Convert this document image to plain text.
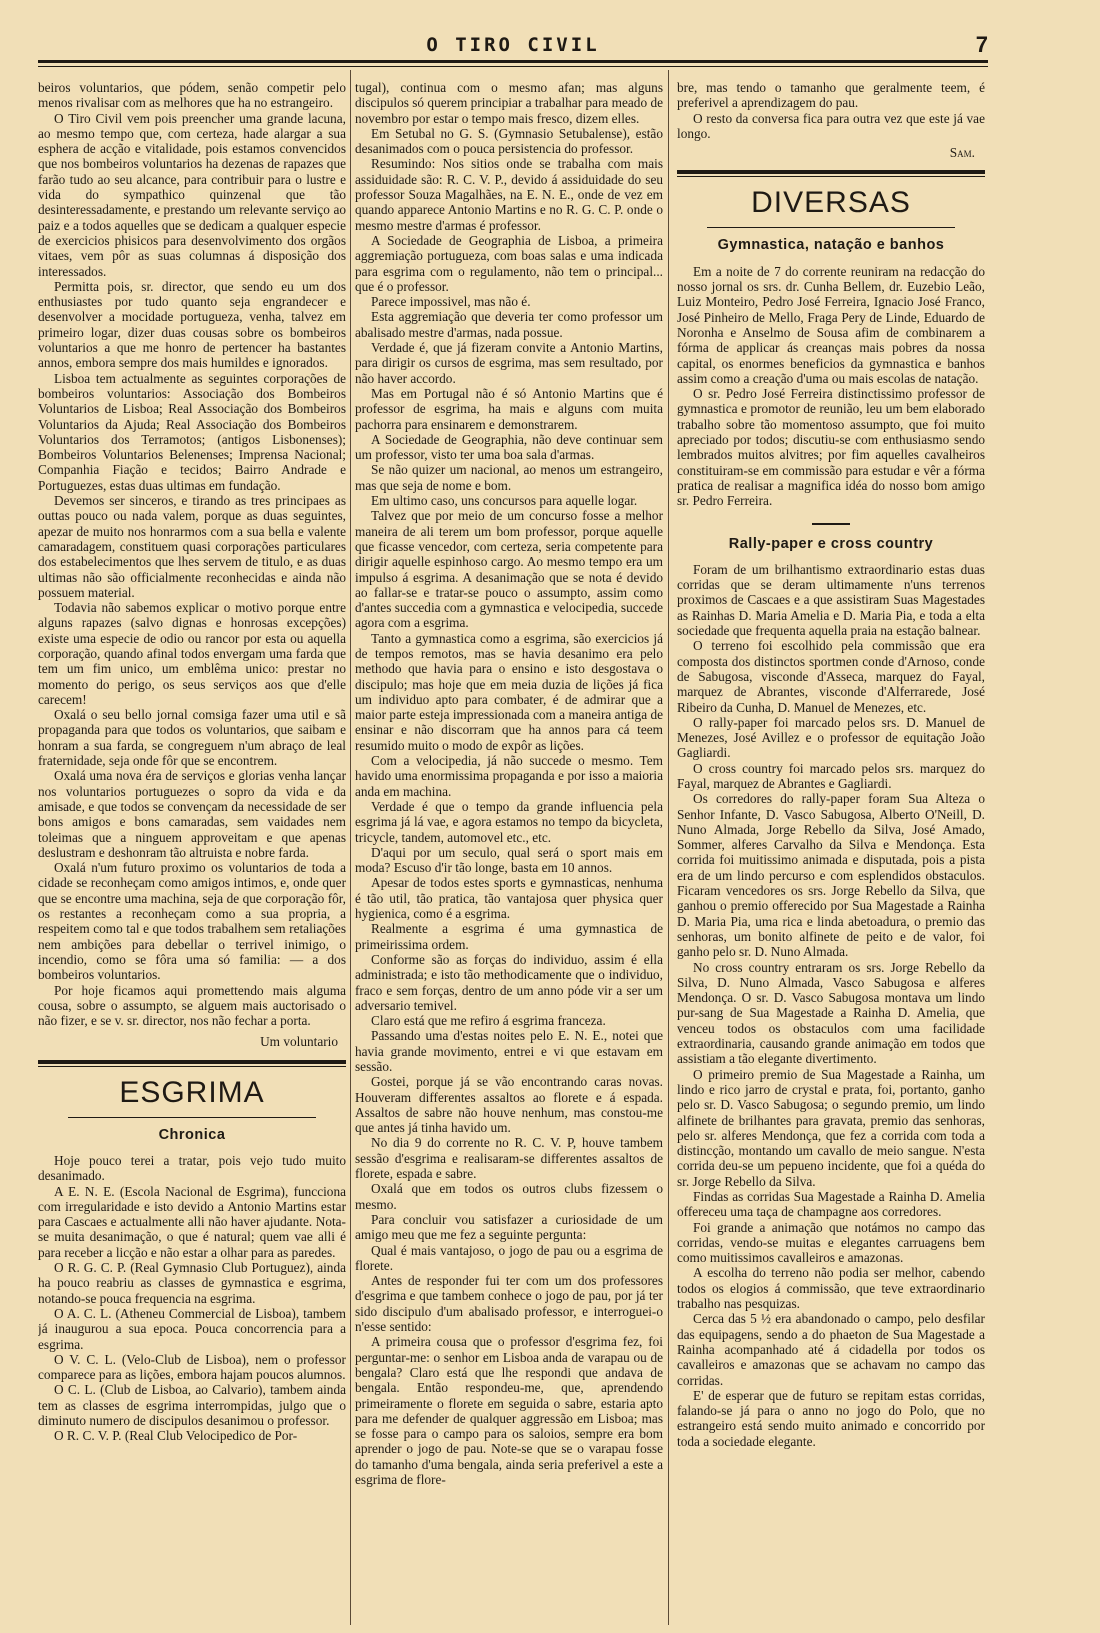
O TIRO CIVIL	7

beiros voluntarios, que pódem, senão competir pelo menos rivalisar com as melhores que ha no estrangeiro.

O Tiro Civil vem pois preencher uma grande lacuna, ao mesmo tempo que, com certeza, hade alargar a sua esphera de acção e vitalidade, pois estamos convencidos que nos bombeiros voluntarios ha dezenas de rapazes que farão tudo ao seu alcance, para contribuir para o lustre e vida do sympathico quinzenal que tão desinteressadamente, e prestando um relevante serviço ao paiz e a todos aquelles que se dedicam a qualquer especie de exercicios phisicos para desenvolvimento dos orgãos vitaes, vem pôr as suas columnas á disposição dos interessados.

Permitta pois, sr. director, que sendo eu um dos enthusiastes por tudo quanto seja engrandecer e desenvolver a mocidade portugueza, venha, talvez em primeiro logar, dizer duas cousas sobre os bombeiros voluntarios a que me honro de pertencer ha bastantes annos, embora sempre dos mais humildes e ignorados.

Lisboa tem actualmente as seguintes corporações de bombeiros voluntarios: Associação dos Bombeiros Voluntarios de Lisboa; Real Associação dos Bombeiros Voluntarios da Ajuda; Real Associação dos Bombeiros Voluntarios dos Terramotos; (antigos Lisbonenses); Bombeiros Voluntarios Belenenses; Imprensa Nacional; Companhia Fiação e tecidos; Bairro Andrade e Portuguezes, estas duas ultimas em fundação.

Devemos ser sinceros, e tirando as tres principaes as outtas pouco ou nada valem, porque as duas seguintes, apezar de muito nos honrarmos com a sua bella e valente camaradagem, constituem quasi corporações particulares dos estabelecimentos que lhes servem de titulo, e as duas ultimas não são officialmente reconhecidas e ainda não possuem material.

Todavia não sabemos explicar o motivo porque entre alguns rapazes (salvo dignas e honrosas excepções) existe uma especie de odio ou rancor por esta ou aquella corporação, quando afinal todos envergam uma farda que tem um fim unico, um emblêma unico: prestar no momento do perigo, os seus serviços aos que d'elle carecem!

Oxalá o seu bello jornal comsiga fazer uma util e sã propaganda para que todos os voluntarios, que saibam e honram a sua farda, se congreguem n'um abraço de leal fraternidade, seja onde fôr que se encontrem.

Oxalá uma nova éra de serviços e glorias venha lançar nos voluntarios portuguezes o sopro da vida e da amisade, e que todos se convençam da necessidade de ser bons amigos e bons camaradas, sem vaidades nem toleimas que a ninguem approveitam e que apenas deslustram e deshonram tão altruista e nobre farda.

Oxalá n'um futuro proximo os voluntarios de toda a cidade se reconheçam como amigos intimos, e, onde quer que se encontre uma machina, seja de que corporação fôr, os restantes a reconheçam como a sua propria, a respeitem como tal e que todos trabalhem sem retaliações nem ambições para debellar o terrivel inimigo, o incendio, como se fôra uma só familia: — a dos bombeiros voluntarios.

Por hoje ficamos aqui promettendo mais alguma cousa, sobre o assumpto, se alguem mais auctorisado o não fizer, e se v. sr. director, nos não fechar a porta.

Um voluntario
ESGRIMA
Chronica

Hoje pouco terei a tratar, pois vejo tudo muito desanimado.

A E. N. E. (Escola Nacional de Esgrima), funcciona com irregularidade e isto devido a Antonio Martins estar para Cascaes e actualmente alli não haver ajudante. Nota-se muita desanimação, o que é natural; quem vae alli é para receber a licção e não estar a olhar para as paredes.

O R. G. C. P. (Real Gymnasio Club Portuguez), ainda ha pouco reabriu as classes de gymnastica e esgrima, notando-se pouca frequencia na esgrima.

O A. C. L. (Atheneu Commercial de Lisboa), tambem já inaugurou a sua epoca. Pouca concorrencia para a esgrima.

O V. C. L. (Velo-Club de Lisboa), nem o professor comparece para as lições, embora hajam poucos alumnos.

O C. L. (Club de Lisboa, ao Calvario), tambem ainda tem as classes de esgrima interrompidas, julgo que o diminuto numero de discipulos desanimou o professor.

O R. C. V. P. (Real Club Velocipedico de Por-

tugal), continua com o mesmo afan; mas alguns discipulos só querem principiar a trabalhar para meado de novembro por estar o tempo mais fresco, dizem elles.

Em Setubal no G. S. (Gymnasio Setubalense), estão desanimados com o pouca persistencia do professor.

Resumindo: Nos sitios onde se trabalha com mais assiduidade são: R. C. V. P., devido á assiduidade do seu professor Souza Magalhães, na E. N. E., onde de vez em quando apparece Antonio Martins e no R. G. C. P. onde o mesmo mestre d'armas é professor.

A Sociedade de Geographia de Lisboa, a primeira aggremiação portugueza, com boas salas e uma indicada para esgrima com o regulamento, não tem o principal... que é o professor.

Parece impossivel, mas não é.

Esta aggremiação que deveria ter como professor um abalisado mestre d'armas, nada possue.

Verdade é, que já fizeram convite a Antonio Martins, para dirigir os cursos de esgrima, mas sem resultado, por não haver accordo.

Mas em Portugal não é só Antonio Martins que é professor de esgrima, ha mais e alguns com muita pachorra para ensinarem e demonstrarem.

A Sociedade de Geographia, não deve continuar sem um professor, visto ter uma boa sala d'armas.

Se não quizer um nacional, ao menos um estrangeiro, mas que seja de nome e bom.

Em ultimo caso, uns concursos para aquelle logar.

Talvez que por meio de um concurso fosse a melhor maneira de ali terem um bom professor, porque aquelle que ficasse vencedor, com certeza, seria competente para dirigir aquelle espinhoso cargo. Ao mesmo tempo era um impulso á esgrima. A desanimação que se nota é devido ao fallar-se e tratar-se pouco o assumpto, assim como d'antes succedia com a gymnastica e velocipedia, succede agora com a esgrima.

Tanto a gymnastica como a esgrima, são exercicios já de tempos remotos, mas se havia desanimo era pelo methodo que havia para o ensino e isto desgostava o discipulo; mas hoje que em meia duzia de lições já fica um individuo apto para combater, é de admirar que a maior parte esteja impressionada com a maneira antiga de ensinar e não discorram que ha annos para cá teem resumido muito o modo de expôr as lições.

Com a velocipedia, já não succede o mesmo. Tem havido uma enormissima propaganda e por isso a maioria anda em machina.

Verdade é que o tempo da grande influencia pela esgrima já lá vae, e agora estamos no tempo da bicycleta, tricycle, tandem, automovel etc., etc.

D'aqui por um seculo, qual será o sport mais em moda? Escuso d'ir tão longe, basta em 10 annos.

Apesar de todos estes sports e gymnasticas, nenhuma é tão util, tão pratica, tão vantajosa quer physica quer hygienica, como é a esgrima.

Realmente a esgrima é uma gymnastica de primeirissima ordem.

Conforme são as forças do individuo, assim é ella administrada; e isto tão methodicamente que o individuo, fraco e sem forças, dentro de um anno póde vir a ser um adversario temivel.

Claro está que me refiro á esgrima franceza.

Passando uma d'estas noites pelo E. N. E., notei que havia grande movimento, entrei e vi que estavam em sessão.

Gostei, porque já se vão encontrando caras novas. Houveram differentes assaltos ao florete e á espada. Assaltos de sabre não houve nenhum, mas constou-me que antes já tinha havido um.

No dia 9 do corrente no R. C. V. P, houve tambem sessão d'esgrima e realisaram-se differentes assaltos de florete, espada e sabre.

Oxalá que em todos os outros clubs fizessem o mesmo.

Para concluir vou satisfazer a curiosidade de um amigo meu que me fez a seguinte pergunta:

Qual é mais vantajoso, o jogo de pau ou a esgrima de florete.

Antes de responder fui ter com um dos professores d'esgrima e que tambem conhece o jogo de pau, por já ter sido discipulo d'um abalisado professor, e interroguei-o n'esse sentido:

A primeira cousa que o professor d'esgrima fez, foi perguntar-me: o senhor em Lisboa anda de varapau ou de bengala? Claro está que lhe respondi que andava de bengala. Então respondeu-me, que, aprendendo primeiramente o florete em seguida o sabre, estaria apto para me defender de qualquer aggressão em Lisboa; mas se fosse para o campo para os saloios, sempre era bom aprender o jogo de pau. Note-se que se o varapau fosse do tamanho d'uma bengala, ainda seria preferivel a este a esgrima de flore-

bre, mas tendo o tamanho que geralmente teem, é preferivel a aprendizagem do pau.

O resto da conversa fica para outra vez que este já vae longo.

Sam.
DIVERSAS
Gymnastica, natação e banhos

Em a noite de 7 do corrente reuniram na redacção do nosso jornal os srs. dr. Cunha Bellem, dr. Euzebio Leão, Luiz Monteiro, Pedro José Ferreira, Ignacio José Franco, José Pinheiro de Mello, Fraga Pery de Linde, Eduardo de Noronha e Anselmo de Sousa afim de combinarem a fórma de applicar ás creanças mais pobres da nossa capital, os enormes beneficios da gymnastica e banhos assim como a creação d'uma ou mais escolas de natação.

O sr. Pedro José Ferreira distinctissimo professor de gymnastica e promotor de reunião, leu um bem elaborado trabalho sobre tão momentoso assumpto, que foi muito apreciado por todos; discutiu-se com enthusiasmo sendo lembrados muitos alvitres; por fim aquelles cavalheiros constituiram-se em commissão para estudar e vêr a fórma pratica de realisar a magnifica idéa do nosso bom amigo sr. Pedro Ferreira.

Rally-paper e cross country

Foram de um brilhantismo extraordinario estas duas corridas que se deram ultimamente n'uns terrenos proximos de Cascaes e a que assistiram Suas Magestades as Rainhas D. Maria Amelia e D. Maria Pia, e toda a elta sociedade que frequenta aquella praia na estação balnear.

O terreno foi escolhido pela commissão que era composta dos distinctos sportmen conde d'Arnoso, conde de Sabugosa, visconde d'Asseca, marquez do Fayal, marquez de Abrantes, visconde d'Alferrarede, José Ribeiro da Cunha, D. Manuel de Menezes, etc.

O rally-paper foi marcado pelos srs. D. Manuel de Menezes, José Avillez e o professor de equitação João Gagliardi.

O cross country foi marcado pelos srs. marquez do Fayal, marquez de Abrantes e Gagliardi.

Os corredores do rally-paper foram Sua Alteza o Senhor Infante, D. Vasco Sabugosa, Alberto O'Neill, D. Nuno Almada, Jorge Rebello da Silva, José Amado, Sommer, alferes Carvalho da Silva e Mendonça. Esta corrida foi muitissimo animada e disputada, pois a pista era de um lindo percurso e com esplendidos obstaculos. Ficaram vencedores os srs. Jorge Rebello da Silva, que ganhou o premio offerecido por Sua Magestade a Rainha D. Maria Pia, uma rica e linda abetoadura, o premio das senhoras, um bonito alfinete de peito e de valor, foi ganho pelo sr. D. Nuno Almada.

No cross country entraram os srs. Jorge Rebello da Silva, D. Nuno Almada, Vasco Sabugosa e alferes Mendonça. O sr. D. Vasco Sabugosa montava um lindo pur-sang de Sua Magestade a Rainha D. Amelia, que venceu todos os obstaculos com uma facilidade extraordinaria, causando grande animação em todos que assistiam a tão elegante divertimento.

O primeiro premio de Sua Magestade a Rainha, um lindo e rico jarro de crystal e prata, foi, portanto, ganho pelo sr. D. Vasco Sabugosa; o segundo premio, um lindo alfinete de brilhantes para gravata, premio das senhoras, pelo sr. alferes Mendonça, que fez a corrida com toda a distincção, montando um cavallo de meio sangue. N'esta corrida deu-se um pepueno incidente, que foi a quéda do sr. Jorge Rebello da Silva.

Findas as corridas Sua Magestade a Rainha D. Amelia offereceu uma taça de champagne aos corredores.

Foi grande a animação que notámos no campo das corridas, vendo-se muitas e elegantes carruagens bem como muitissimos cavalleiros e amazonas.

A escolha do terreno não podia ser melhor, cabendo todos os elogios á commissão, que teve extraordinario trabalho nas pesquizas.

Cerca das 5 ½ era abandonado o campo, pelo desfilar das equipagens, sendo a do phaeton de Sua Magestade a Rainha acompanhado até á cidadella por todos os cavalleiros e amazonas que se achavam no campo das corridas.

E' de esperar que de futuro se repitam estas corridas, falando-se já para o anno no jogo do Polo, que no estrangeiro está sendo muito animado e concorrido por toda a sociedade elegante.
